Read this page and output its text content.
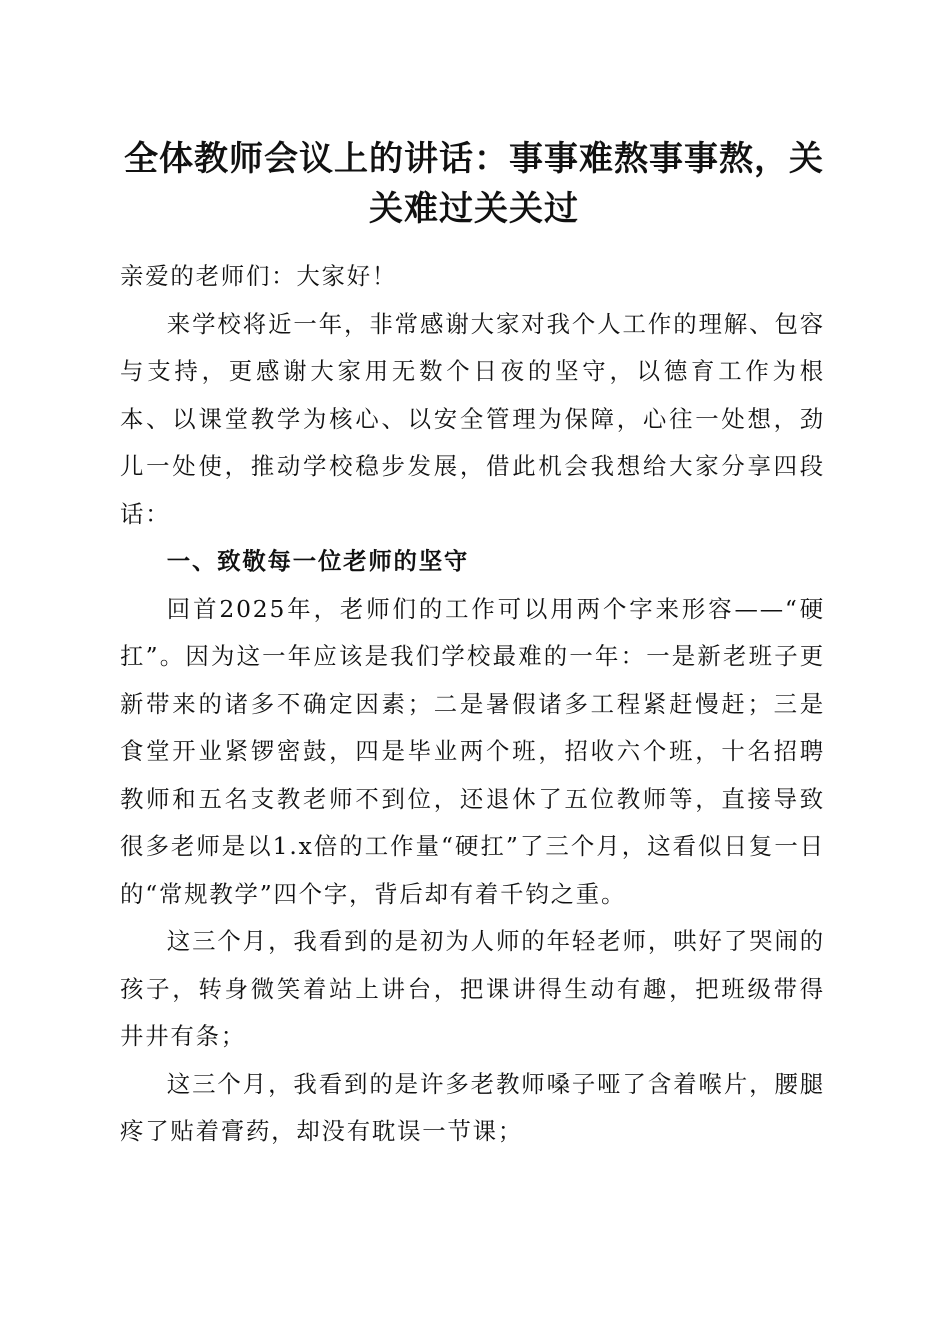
全体教师会议上的讲话：事事难熬事事熬，关
关难过关关过

亲爱的老师们：大家好！

来学校将近一年，非常感谢大家对我个人工作的理解、包容与支持，更感谢大家用无数个日夜的坚守，以德育工作为根本、以课堂教学为核心、以安全管理为保障，心往一处想，劲儿一处使，推动学校稳步发展，借此机会我想给大家分享四段话：

一、致敬每一位老师的坚守

回首2025年，老师们的工作可以用两个字来形容——“硬扛”。因为这一年应该是我们学校最难的一年：一是新老班子更新带来的诸多不确定因素；二是暑假诸多工程紧赶慢赶；三是食堂开业紧锣密鼓，四是毕业两个班，招收六个班，十名招聘教师和五名支教老师不到位，还退休了五位教师等，直接导致很多老师是以1.x倍的工作量“硬扛”了三个月，这看似日复一日的“常规教学”四个字，背后却有着千钧之重。

这三个月，我看到的是初为人师的年轻老师，哄好了哭闹的孩子，转身微笑着站上讲台，把课讲得生动有趣，把班级带得井井有条；

这三个月，我看到的是许多老教师嗓子哑了含着喉片，腰腿疼了贴着膏药，却没有耽误一节课；
